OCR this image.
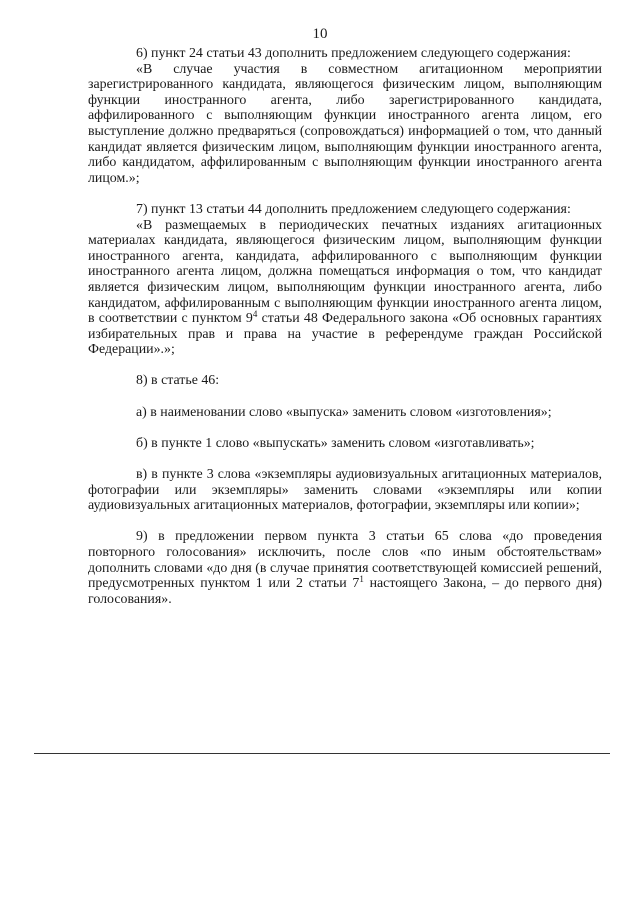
10

6) пункт 24 статьи 43 дополнить предложением следующего содержания:

«В случае участия в совместном агитационном мероприятии зарегистрированного кандидата, являющегося физическим лицом, выполняющим функции иностранного агента, либо зарегистрированного кандидата, аффилированного с выполняющим функции иностранного агента лицом, его выступление должно предваряться (сопровождаться) информацией о том, что данный кандидат является физическим лицом, выполняющим функции иностранного агента, либо кандидатом, аффилированным с выполняющим функции иностранного агента лицом.»;

7) пункт 13 статьи 44 дополнить предложением следующего содержания:

«В размещаемых в периодических печатных изданиях агитационных материалах кандидата, являющегося физическим лицом, выполняющим функции иностранного агента, кандидата, аффилированного с выполняющим функции иностранного агента лицом, должна помещаться информация о том, что кандидат является физическим лицом, выполняющим функции иностранного агента, либо кандидатом, аффилированным с выполняющим функции иностранного агента лицом, в соответствии с пунктом $9^4$ статьи 48 Федерального закона «Об основных гарантиях избирательных прав и права на участие в референдуме граждан Российской Федерации».»;

8) в статье 46:

а) в наименовании слово «выпуска» заменить словом «изготовления»;

б) в пункте 1 слово «выпускать» заменить словом «изготавливать»;

в) в пункте 3 слова «экземпляры аудиовизуальных агитационных материалов, фотографии или экземпляры» заменить словами «экземпляры или копии аудиовизуальных агитационных материалов, фотографии, экземпляры или копии»;

9) в предложении первом пункта 3 статьи 65 слова «до проведения повторного голосования» исключить, после слов «по иным обстоятельствам» дополнить словами «до дня (в случае принятия соответствующей комиссией решений, предусмотренных пунктом 1 или 2 статьи $7^1$ настоящего Закона, – до первого дня) голосования».
